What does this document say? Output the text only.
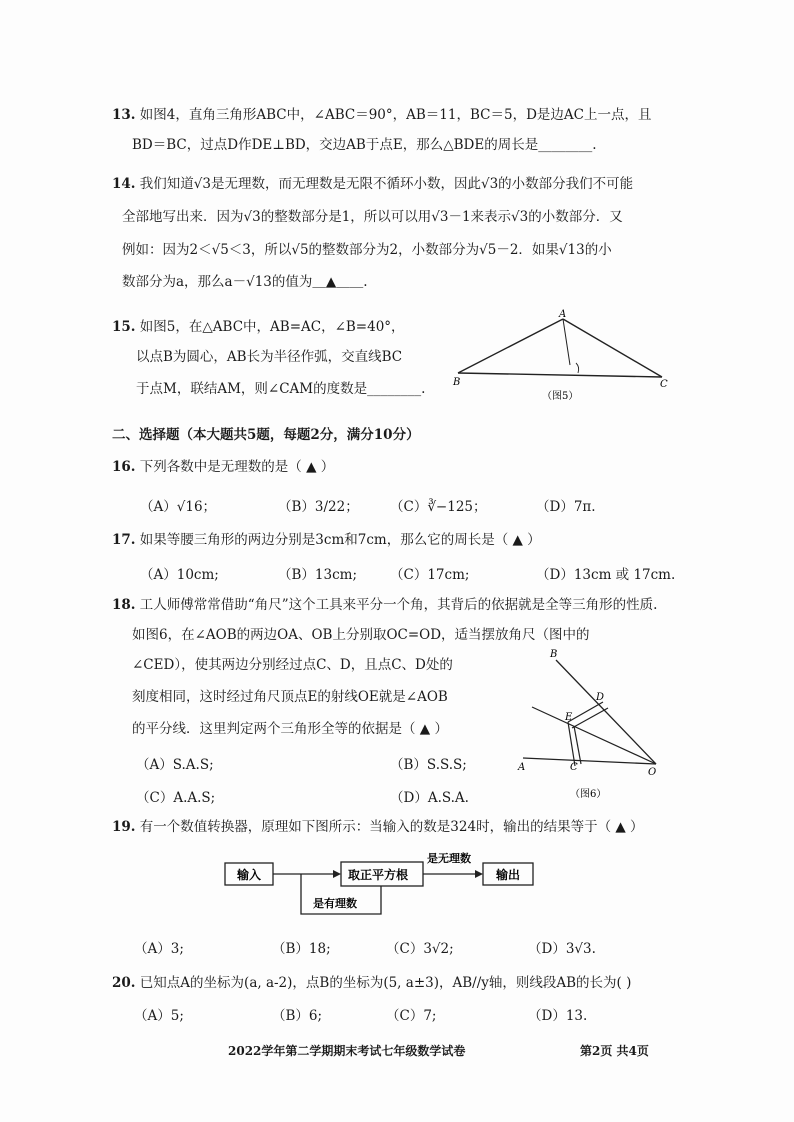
13. 如图4，直角三角形ABC中，∠ABC＝90°，AB＝11，BC＝5，D是边AC上一点，且
BD＝BC，过点D作DE⊥BD，交边AB于点E，那么△BDE的周长是________.
14. 我们知道√3是无理数，而无理数是无限不循环小数，因此√3的小数部分我们不可能
全部地写出来．因为√3的整数部分是1，所以可以用√3－1来表示√3的小数部分．又
例如：因为2＜√5＜3，所以√5的整数部分为2，小数部分为√5－2．如果√13的小
数部分为a，那么a－√13的值为＿▲＿＿.
15. 如图5，在△ABC中，AB=AC，∠B=40°，
以点B为圆心，AB长为半径作弧，交直线BC
于点M，联结AM，则∠CAM的度数是________.
A
B	C
（图5）
二、选择题（本大题共5题，每题2分，满分10分）
16. 下列各数中是无理数的是（ ▲ ）
（A）√16；	（B）3/22； （C）∛−125；	（D）7π.
17. 如果等腰三角形的两边分别是3cm和7cm，那么它的周长是（ ▲ ）
（A）10cm;	（B）13cm; （C）17cm;	（D）13cm 或 17cm.
18. 工人师傅常常借助“角尺”这个工具来平分一个角，其背后的依据就是全等三角形的性质.
如图6，在∠AOB的两边OA、OB上分别取OC=OD，适当摆放角尺（图中的
∠CED），使其两边分别经过点C、D，且点C、D处的
刻度相同，这时经过角尺顶点E的射线OE就是∠AOB
的平分线．这里判定两个三角形全等的依据是（ ▲ ）
（A）S.A.S;	（B）S.S.S;
（C）A.A.S;	（D）A.S.A.
B
D
E
A	C	O
（图6）
19. 有一个数值转换器，原理如下图所示：当输入的数是324时，输出的结果等于（ ▲ ）
输入	取正平方根
是无理数
输出
是有理数
（A）3;	（B）18;	（C）3√2;	（D）3√3.
20. 已知点A的坐标为(a, a-2)，点B的坐标为(5, a±3)，AB//y轴，则线段AB的长为( )
（A）5;	（B）6;	（C）7;	（D）13.
2022学年第二学期期末考试七年级数学试卷	第2页 共4页
